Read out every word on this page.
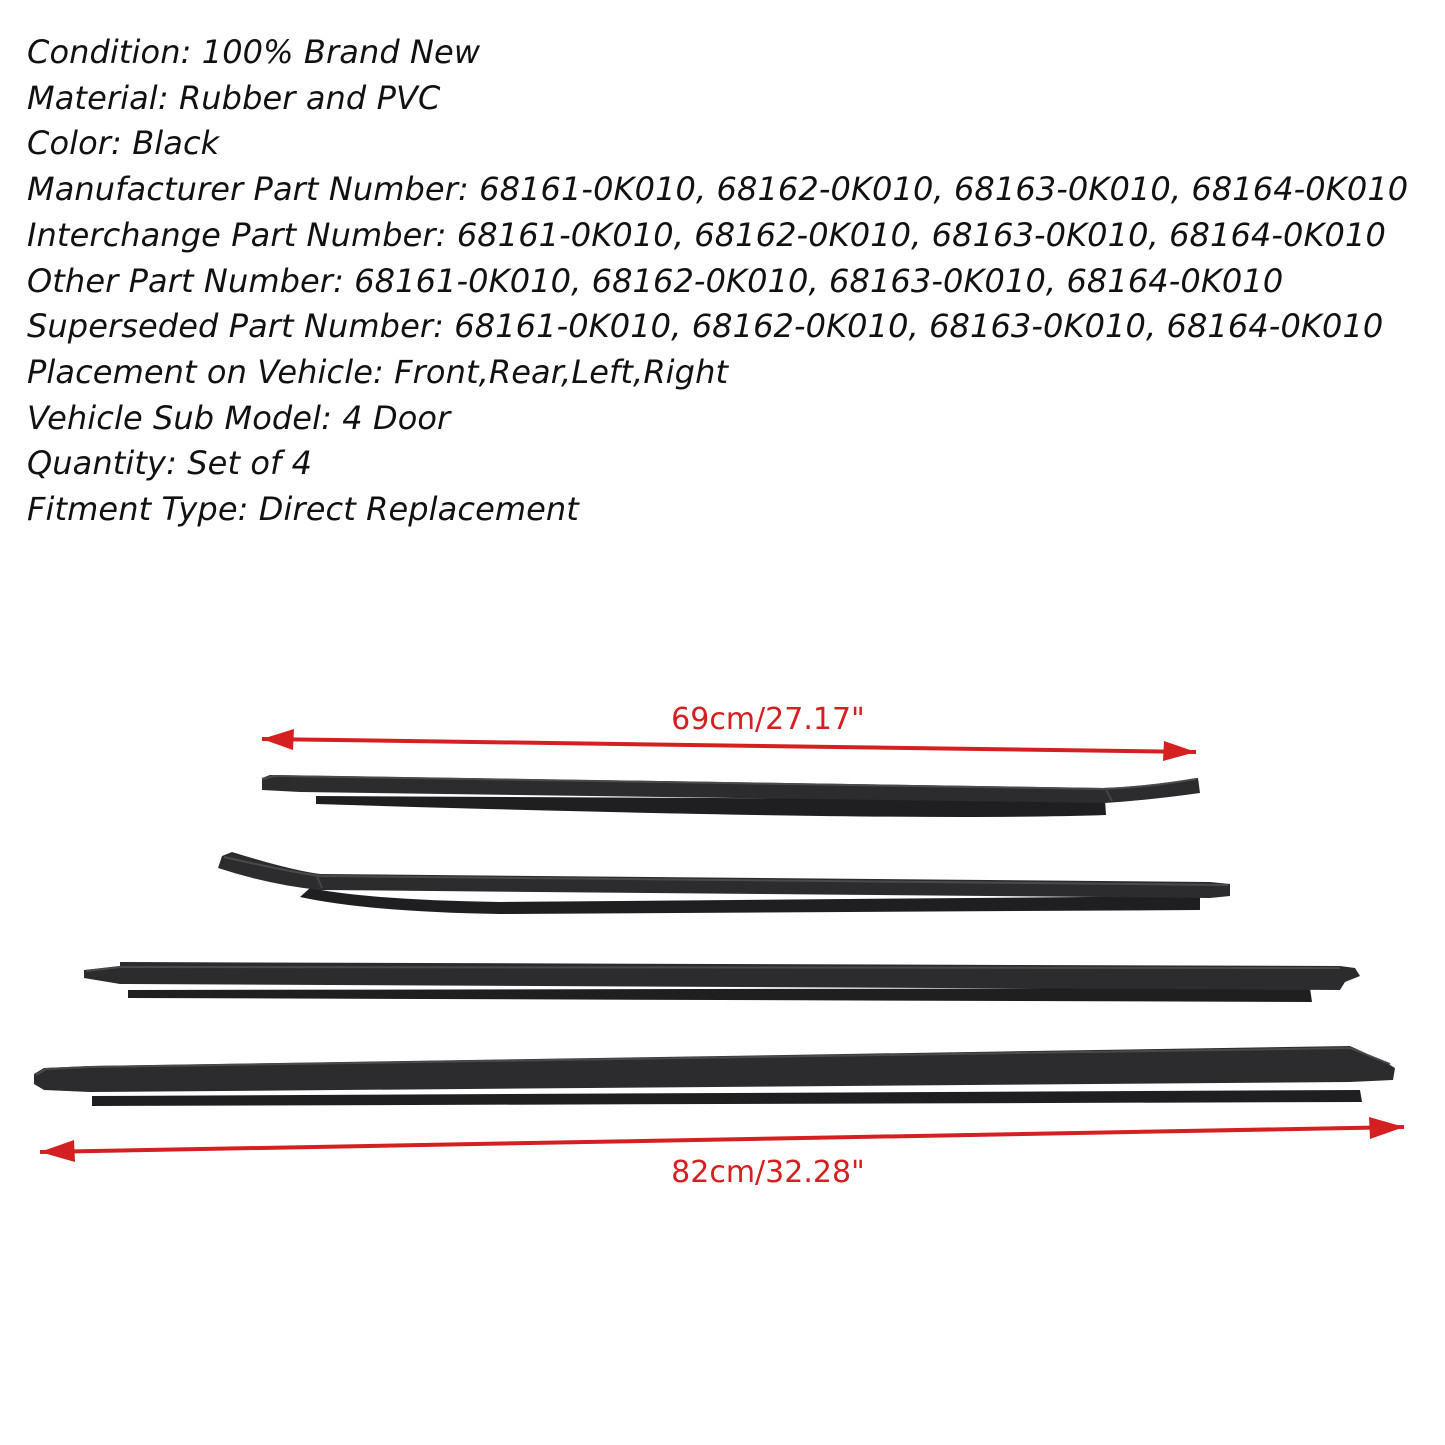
Condition: 100% Brand New
Material: Rubber and PVC
Color: Black
Manufacturer Part Number: 68161-0K010, 68162-0K010, 68163-0K010, 68164-0K010
Interchange Part Number: 68161-0K010, 68162-0K010, 68163-0K010, 68164-0K010
Other Part Number: 68161-0K010, 68162-0K010, 68163-0K010, 68164-0K010
Superseded Part Number: 68161-0K010, 68162-0K010, 68163-0K010, 68164-0K010
Placement on Vehicle: Front,Rear,Left,Right
Vehicle Sub Model: 4 Door
Quantity: Set of 4
Fitment Type: Direct Replacement
69cm/27.17"
82cm/32.28"
